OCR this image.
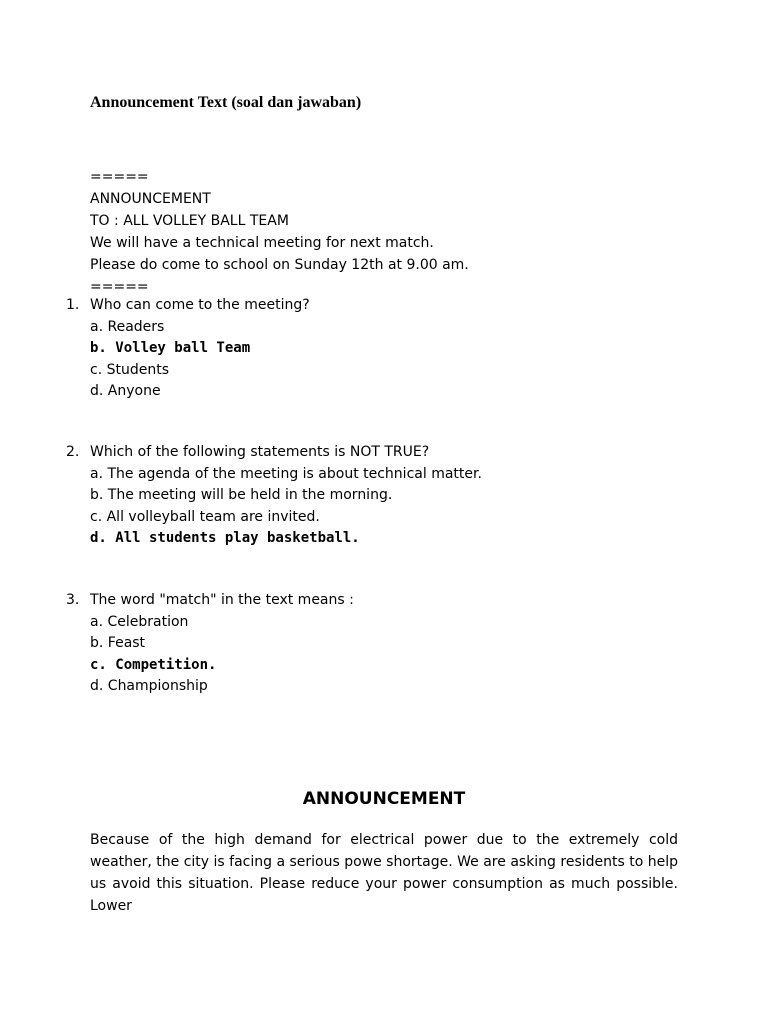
Announcement Text (soal dan jawaban)
=====
ANNOUNCEMENT
TO : ALL VOLLEY BALL TEAM
We will have a technical meeting for next match.
Please do come to school on Sunday 12th at 9.00 am.
=====
1. Who can come to the meeting?
a. Readers
b. Volley ball Team
c. Students
d. Anyone
2. Which of the following statements is NOT TRUE?
a. The agenda of the meeting is about technical matter.
b. The meeting will be held in the morning.
c. All volleyball team are invited.
d. All students play basketball.
3. The word "match" in the text means :
a. Celebration
b. Feast
c. Competition.
d. Championship
ANNOUNCEMENT
Because of the high demand for electrical power due to the extremely cold weather, the city is facing a serious powe shortage. We are asking residents to help us avoid this situation. Please reduce your power consumption as much possible. Lower
